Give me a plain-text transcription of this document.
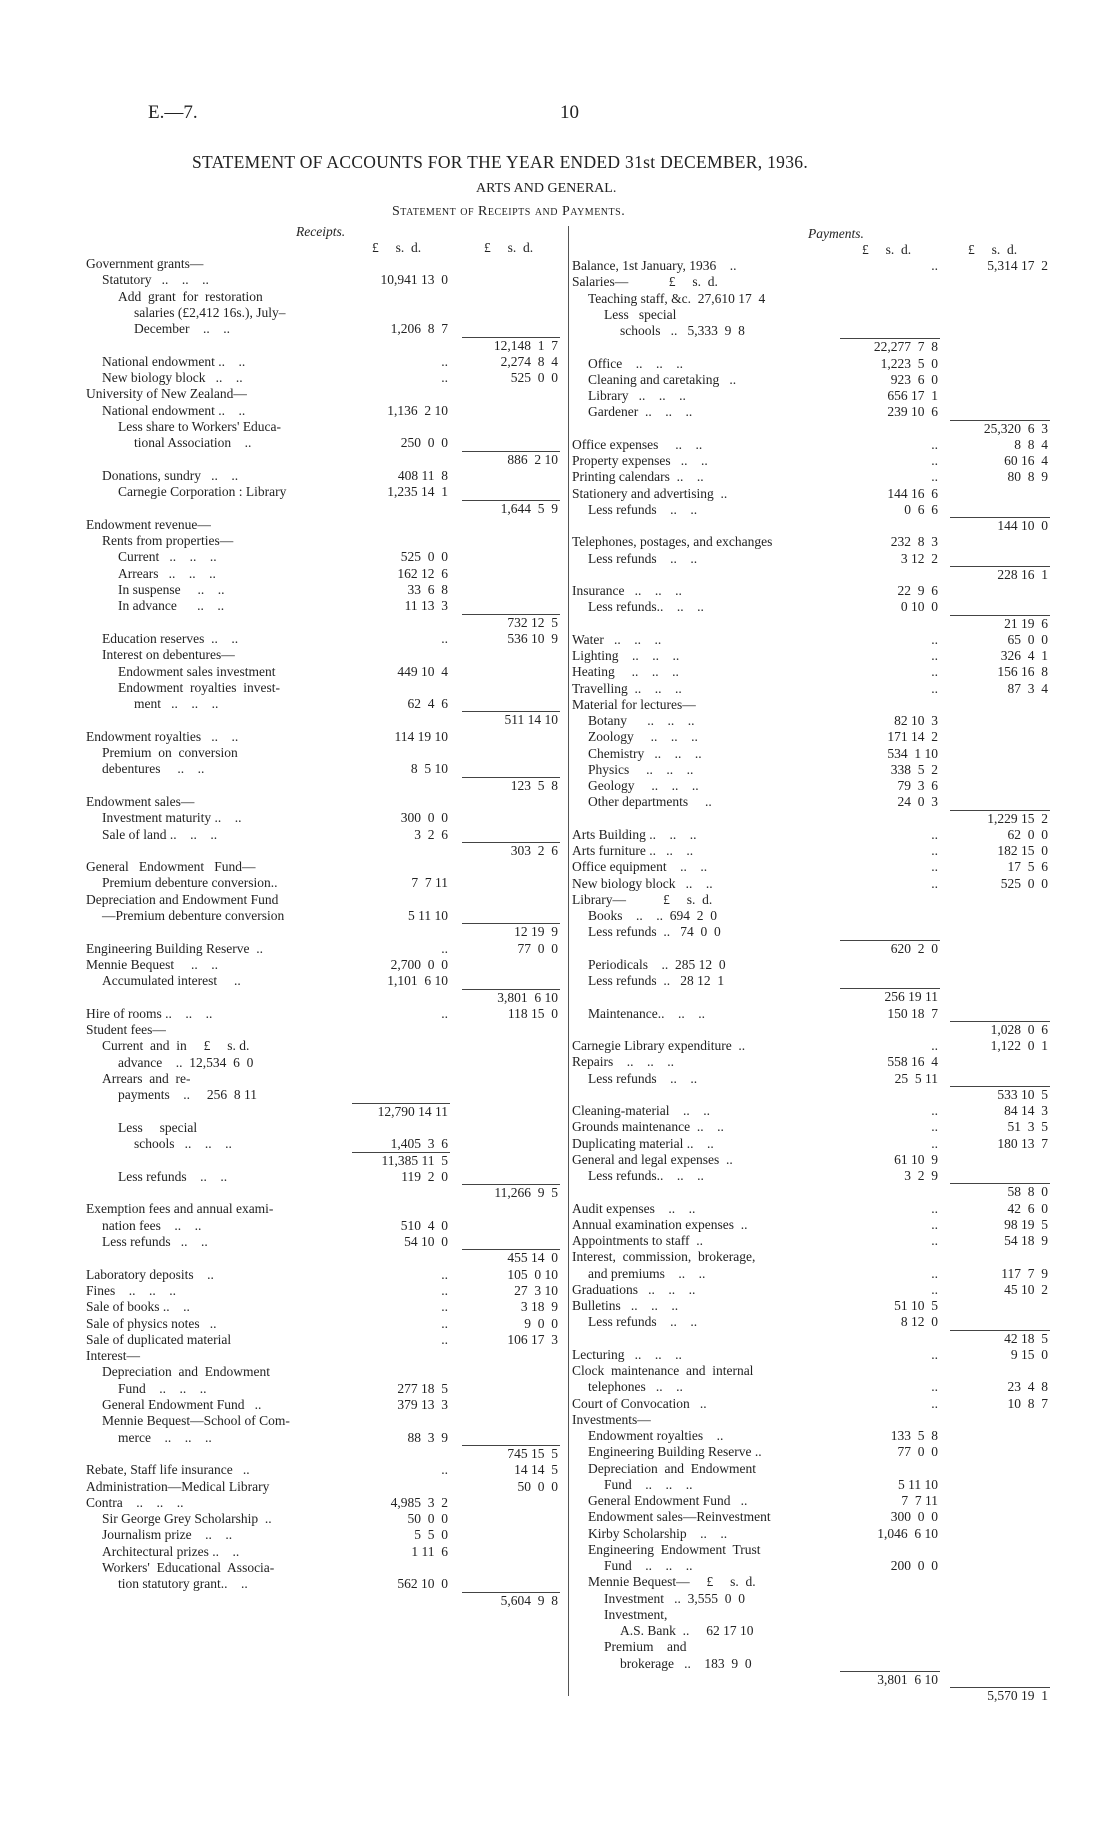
E.—7.	10
STATEMENT OF ACCOUNTS FOR THE YEAR ENDED 31st DECEMBER, 1936.
ARTS AND GENERAL.
Statement of Receipts and Payments.
Receipts.	Payments.
£     s.  d.	£     s.  d.	£     s.  d.	£     s.  d.
Government grants—
Statutory   ..    ..    ..	10,941 13  0
Add  grant  for  restoration
salaries (£2,412 16s.), July–
December    ..    ..	1,206  8  7
12,148  1  7
National endowment ..    ..	..	2,274  8  4
New biology block   ..    ..	..	525  0  0
University of New Zealand—
National endowment ..    ..	1,136  2 10
Less share to Workers' Educa-
tional Association    ..	250  0  0
886  2 10
Donations, sundry   ..    ..	408 11  8
Carnegie Corporation : Library	1,235 14  1
1,644  5  9
Endowment revenue—
Rents from properties—
Current   ..    ..    ..	525  0  0
Arrears   ..    ..    ..	162 12  6
In suspense     ..    ..	33  6  8
In advance      ..    ..	11 13  3
732 12  5
Education reserves  ..    ..	..	536 10  9
Interest on debentures—
Endowment sales investment	449 10  4
Endowment  royalties  invest-
ment   ..    ..    ..	62  4  6
511 14 10
Endowment royalties   ..    ..	114 19 10
Premium  on  conversion
debentures     ..    ..	8  5 10
123  5  8
Endowment sales—
Investment maturity ..    ..	300  0  0
Sale of land ..    ..    ..	3  2  6
303  2  6
General   Endowment   Fund—
Premium debenture conversion..	7  7 11
Depreciation and Endowment Fund
—Premium debenture conversion	5 11 10
12 19  9
Engineering Building Reserve  ..	..	77  0  0
Mennie Bequest     ..    ..	2,700  0  0
Accumulated interest     ..	1,101  6 10
3,801  6 10
Hire of rooms ..    ..    ..	..	118 15  0
Student fees—
Current  and  in     £     s. d.
advance    ..  12,534  6  0
Arrears  and  re-
payments    ..     256  8 11
12,790 14 11
Less     special
schools   ..    ..    ..	1,405  3  6
11,385 11  5
Less refunds    ..    ..	119  2  0
11,266  9  5
Exemption fees and annual exami-
nation fees    ..    ..	510  4  0
Less refunds   ..    ..	54 10  0
455 14  0
Laboratory deposits    ..	..	105  0 10
Fines    ..    ..    ..	..	27  3 10
Sale of books ..    ..	..	3 18  9
Sale of physics notes   ..	..	9  0  0
Sale of duplicated material	..	106 17  3
Interest—
Depreciation  and  Endowment
Fund    ..    ..    ..	277 18  5
General Endowment Fund   ..	379 13  3
Mennie Bequest—School of Com-
merce    ..    ..    ..	88  3  9
745 15  5
Rebate, Staff life insurance   ..	..	14 14  5
Administration—Medical Library	50  0  0
Contra    ..    ..    ..	4,985  3  2
Sir George Grey Scholarship  ..	50  0  0
Journalism prize    ..    ..	5  5  0
Architectural prizes ..    ..	1 11  6
Workers'  Educational  Associa-
tion statutory grant..    ..	562 10  0
5,604  9  8
Balance, 1st January, 1936    ..	..	5,314 17  2
Salaries—            £     s.  d.
Teaching staff, &c.  27,610 17  4
Less   special
schools   ..   5,333  9  8
22,277  7  8
Office    ..    ..    ..	1,223  5  0
Cleaning and caretaking   ..	923  6  0
Library   ..    ..    ..	656 17  1
Gardener  ..    ..    ..	239 10  6
25,320  6  3
Office expenses     ..    ..	..	8  8  4
Property expenses   ..    ..	..	60 16  4
Printing calendars  ..    ..	..	80  8  9
Stationery and advertising  ..	144 16  6
Less refunds    ..    ..	0  6  6
144 10  0
Telephones, postages, and exchanges	232  8  3
Less refunds    ..    ..	3 12  2
228 16  1
Insurance   ..    ..    ..	22  9  6
Less refunds..    ..    ..	0 10  0
21 19  6
Water   ..    ..    ..	..	65  0  0
Lighting    ..    ..    ..	..	326  4  1
Heating     ..    ..    ..	..	156 16  8
Travelling  ..    ..    ..	..	87  3  4
Material for lectures—
Botany      ..    ..    ..	82 10  3
Zoology     ..    ..    ..	171 14  2
Chemistry   ..    ..    ..	534  1 10
Physics     ..    ..    ..	338  5  2
Geology     ..    ..    ..	79  3  6
Other departments     ..	24  0  3
1,229 15  2
Arts Building ..    ..    ..	..	62  0  0
Arts furniture ..   ..    ..	..	182 15  0
Office equipment    ..    ..	..	17  5  6
New biology block   ..    ..	..	525  0  0
Library—           £     s.  d.
Books    ..    ..  694  2  0
Less refunds  ..   74  0  0
620  2  0
Periodicals    ..  285 12  0
Less refunds  ..   28 12  1
256 19 11
Maintenance..    ..    ..	150 18  7
1,028  0  6
Carnegie Library expenditure  ..	..	1,122  0  1
Repairs    ..    ..    ..	558 16  4
Less refunds    ..    ..	25  5 11
533 10  5
Cleaning-material    ..    ..	..	84 14  3
Grounds maintenance  ..    ..	..	51  3  5
Duplicating material ..    ..	..	180 13  7
General and legal expenses  ..	61 10  9
Less refunds..    ..    ..	3  2  9
58  8  0
Audit expenses    ..    ..	..	42  6  0
Annual examination expenses  ..	..	98 19  5
Appointments to staff  ..	..	54 18  9
Interest,  commission,  brokerage,
and premiums    ..    ..	..	117  7  9
Graduations   ..    ..    ..	..	45 10  2
Bulletins   ..    ..    ..	51 10  5
Less refunds    ..    ..	8 12  0
42 18  5
Lecturing   ..    ..    ..	..	9 15  0
Clock  maintenance  and  internal
telephones   ..    ..	..	23  4  8
Court of Convocation   ..	..	10  8  7
Investments—
Endowment royalties    ..	133  5  8
Engineering Building Reserve ..	77  0  0
Depreciation  and  Endowment
Fund    ..    ..    ..	5 11 10
General Endowment Fund   ..	7  7 11
Endowment sales—Reinvestment	300  0  0
Kirby Scholarship    ..    ..	1,046  6 10
Engineering  Endowment  Trust
Fund    ..    ..    ..	200  0  0
Mennie Bequest—     £     s.  d.
Investment   ..  3,555  0  0
Investment,
A.S. Bank  ..     62 17 10
Premium    and
brokerage   ..    183  9  0
3,801  6 10
5,570 19  1
